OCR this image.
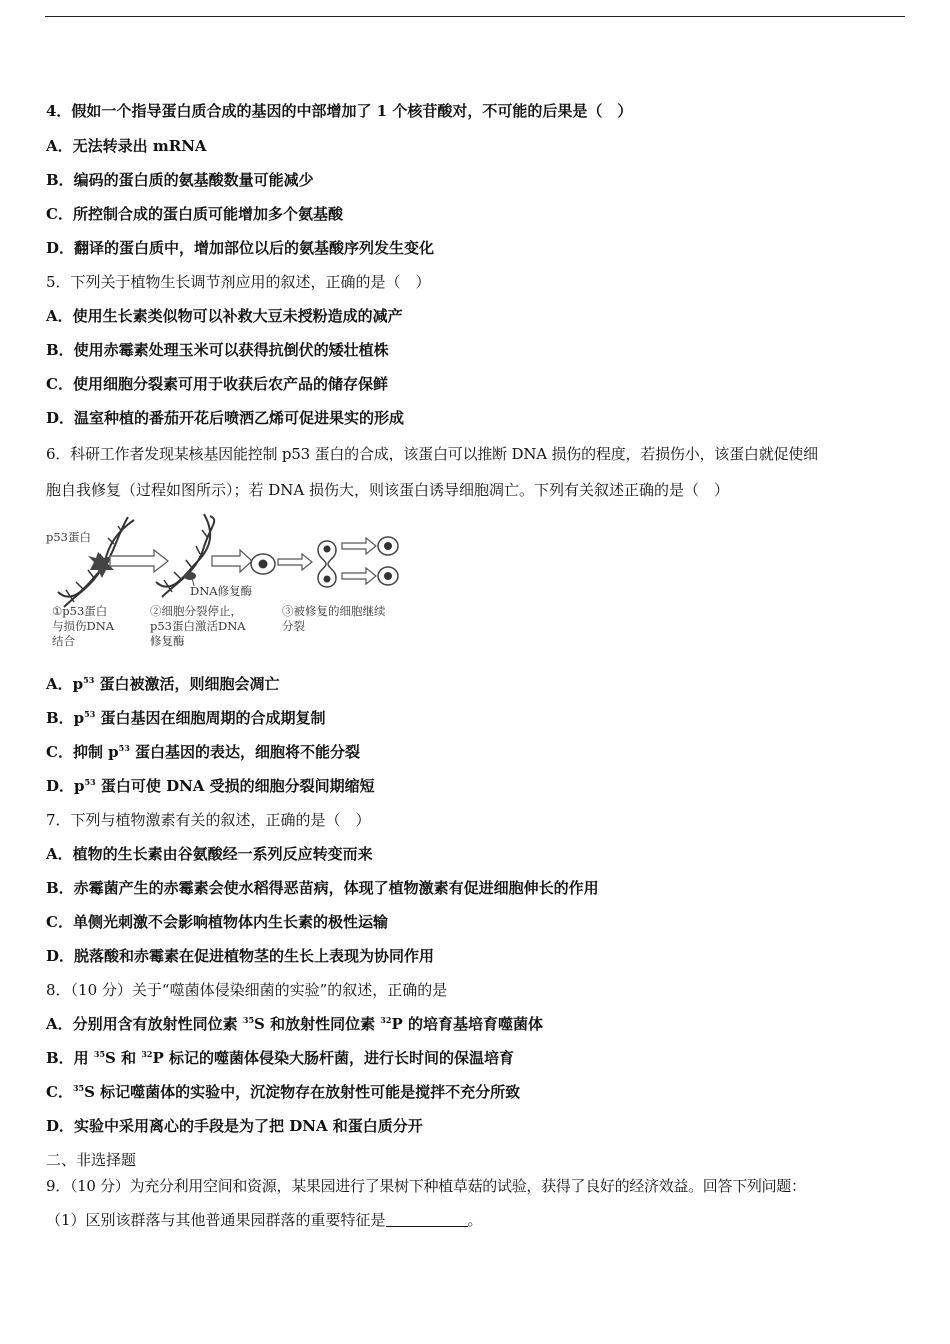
4．假如一个指导蛋白质合成的基因的中部增加了 1 个核苷酸对，不可能的后果是（　）
A．无法转录出 mRNA
B．编码的蛋白质的氨基酸数量可能减少
C．所控制合成的蛋白质可能增加多个氨基酸
D．翻译的蛋白质中，增加部位以后的氨基酸序列发生变化
5．下列关于植物生长调节剂应用的叙述，正确的是（　）
A．使用生长素类似物可以补救大豆未授粉造成的减产
B．使用赤霉素处理玉米可以获得抗倒伏的矮壮植株
C．使用细胞分裂素可用于收获后农产品的储存保鲜
D．温室种植的番茄开花后喷洒乙烯可促进果实的形成
6．科研工作者发现某核基因能控制 p53 蛋白的合成，该蛋白可以推断 DNA 损伤的程度，若损伤小，该蛋白就促使细
胞自我修复（过程如图所示）；若 DNA 损伤大，则该蛋白诱导细胞凋亡。下列有关叙述正确的是（　）
p53蛋白
DNA修复酶
①p53蛋白
与损伤DNA
结合
②细胞分裂停止，
p53蛋白激活DNA
修复酶
③被修复的细胞继续
分裂
A．$p^{53}$ 蛋白被激活，则细胞会凋亡
B．$p^{53}$ 蛋白基因在细胞周期的合成期复制
C．抑制 $p^{53}$ 蛋白基因的表达，细胞将不能分裂
D．$p^{53}$ 蛋白可使 DNA 受损的细胞分裂间期缩短
7．下列与植物激素有关的叙述，正确的是（　）
A．植物的生长素由谷氨酸经一系列反应转变而来
B．赤霉菌产生的赤霉素会使水稻得恶苗病，体现了植物激素有促进细胞伸长的作用
C．单侧光刺激不会影响植物体内生长素的极性运输
D．脱落酸和赤霉素在促进植物茎的生长上表现为协同作用
8．（10 分）关于“噬菌体侵染细菌的实验”的叙述，正确的是
A．分别用含有放射性同位素 $^{35}$S 和放射性同位素 $^{32}$P 的培育基培育噬菌体
B．用 $^{35}$S 和 $^{32}$P 标记的噬菌体侵染大肠杆菌，进行长时间的保温培育
C．$^{35}$S 标记噬菌体的实验中，沉淀物存在放射性可能是搅拌不充分所致
D．实验中采用离心的手段是为了把 DNA 和蛋白质分开
二、非选择题
9．（10 分）为充分利用空间和资源，某果园进行了果树下种植草菇的试验，获得了良好的经济效益。回答下列问题：
（1）区别该群落与其他普通果园群落的重要特征是	。
